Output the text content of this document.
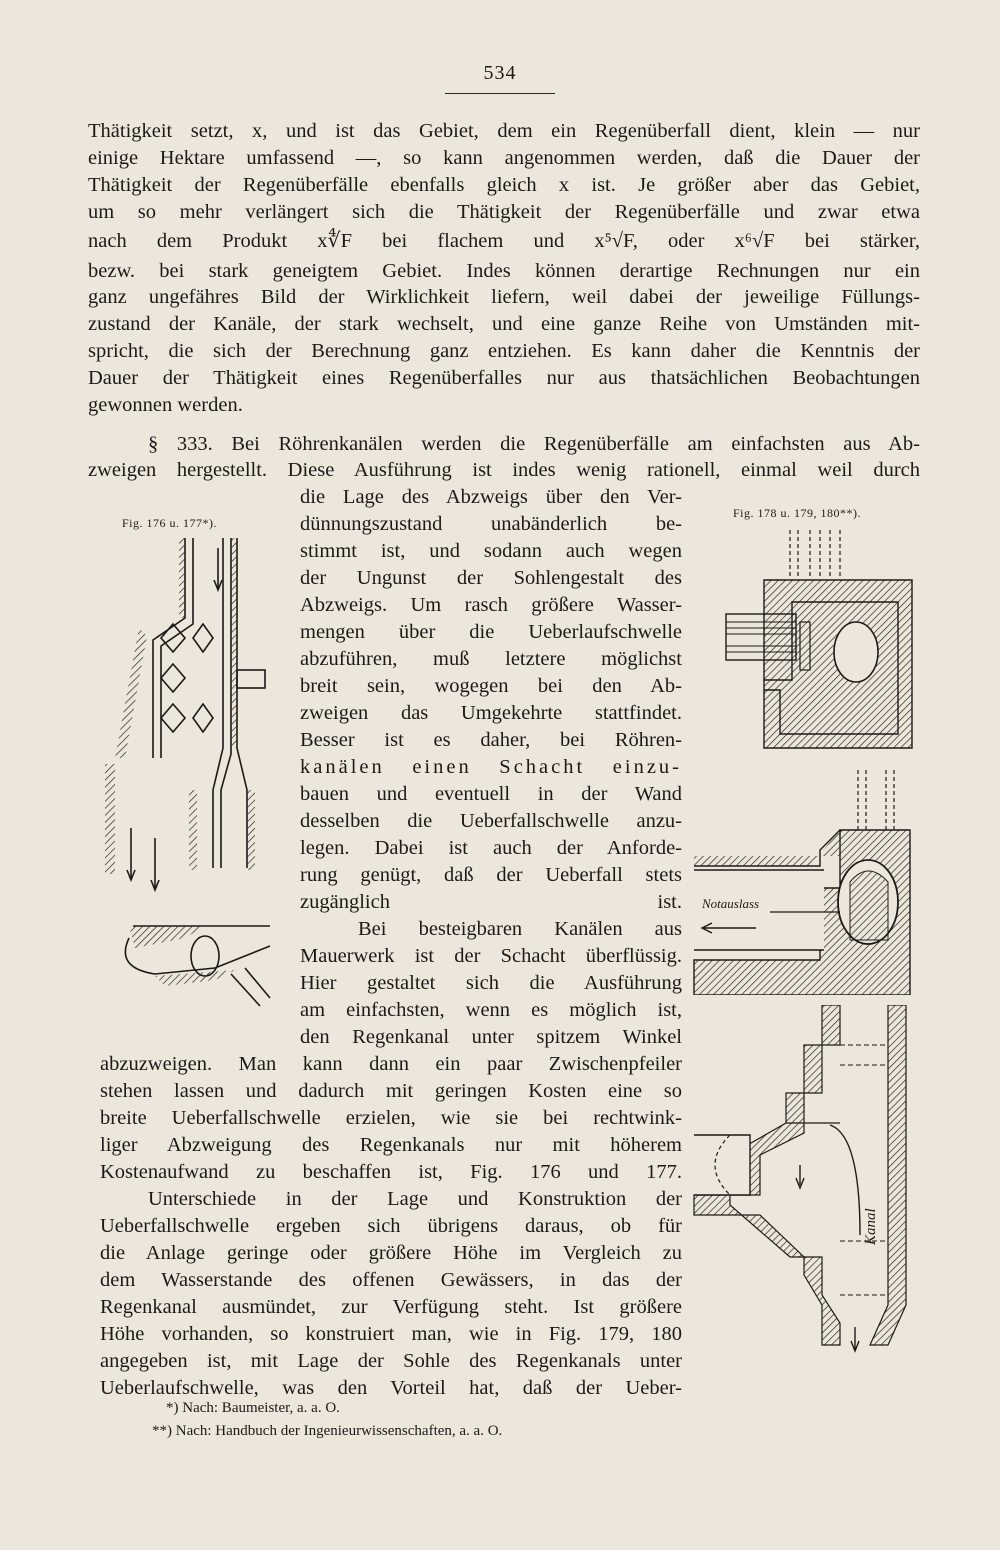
534
Thätigkeit setzt, x, und ist das Gebiet, dem ein Regenüberfall dient, klein — nur
einige Hektare umfassend —, so kann angenommen werden, daß die Dauer der
Thätigkeit der Regenüberfälle ebenfalls gleich x ist. Je größer aber das Gebiet,
um so mehr verlängert sich die Thätigkeit der Regenüberfälle und zwar etwa
nach dem Produkt x∜F bei flachem und x⁵√F, oder x⁶√F bei stärker,
bezw. bei stark geneigtem Gebiet. Indes können derartige Rechnungen nur ein
ganz ungefähres Bild der Wirklichkeit liefern, weil dabei der jeweilige Füllungs-
zustand der Kanäle, der stark wechselt, und eine ganze Reihe von Umständen mit-
spricht, die sich der Berechnung ganz entziehen. Es kann daher die Kenntnis der
Dauer der Thätigkeit eines Regenüberfalles nur aus thatsächlichen Beobachtungen
gewonnen werden.
§ 333. Bei Röhrenkanälen werden die Regenüberfälle am einfachsten aus Ab-
zweigen hergestellt. Diese Ausführung ist indes wenig rationell, einmal weil durch
die Lage des Abzweigs über den Ver-
dünnungszustand unabänderlich be-
stimmt ist, und sodann auch wegen
der Ungunst der Sohlengestalt des
Abzweigs. Um rasch größere Wasser-
mengen über die Ueberlaufschwelle
abzuführen, muß letztere möglichst
breit sein, wogegen bei den Ab-
zweigen das Umgekehrte stattfindet.
Besser ist es daher, bei Röhren-
kanälen einen Schacht einzu-
bauen und eventuell in der Wand
desselben die Ueberfallschwelle anzu-
legen. Dabei ist auch der Anforde-
rung genügt, daß der Ueberfall stets
zugänglich ist.
Bei besteigbaren Kanälen aus
Mauerwerk ist der Schacht überflüssig.
Hier gestaltet sich die Ausführung
am einfachsten, wenn es möglich ist,
den Regenkanal unter spitzem Winkel
abzuzweigen. Man kann dann ein paar Zwischenpfeiler
stehen lassen und dadurch mit geringen Kosten eine so
breite Ueberfallschwelle erzielen, wie sie bei rechtwink-
liger Abzweigung des Regenkanals nur mit höherem
Kostenaufwand zu beschaffen ist, Fig. 176 und 177.
Unterschiede in der Lage und Konstruktion der
Ueberfallschwelle ergeben sich übrigens daraus, ob für
die Anlage geringe oder größere Höhe im Vergleich zu
dem Wasserstande des offenen Gewässers, in das der
Regenkanal ausmündet, zur Verfügung steht. Ist größere
Höhe vorhanden, so konstruiert man, wie in Fig. 179, 180
angegeben ist, mit Lage der Sohle des Regenkanals unter
Ueberlaufschwelle, was den Vorteil hat, daß der Ueber-
Fig. 176 u. 177*).
Fig. 178 u. 179, 180**).
*) Nach: Baumeister, a. a. O.
**) Nach: Handbuch der Ingenieurwissenschaften, a. a. O.
Notauslass
Kanal
